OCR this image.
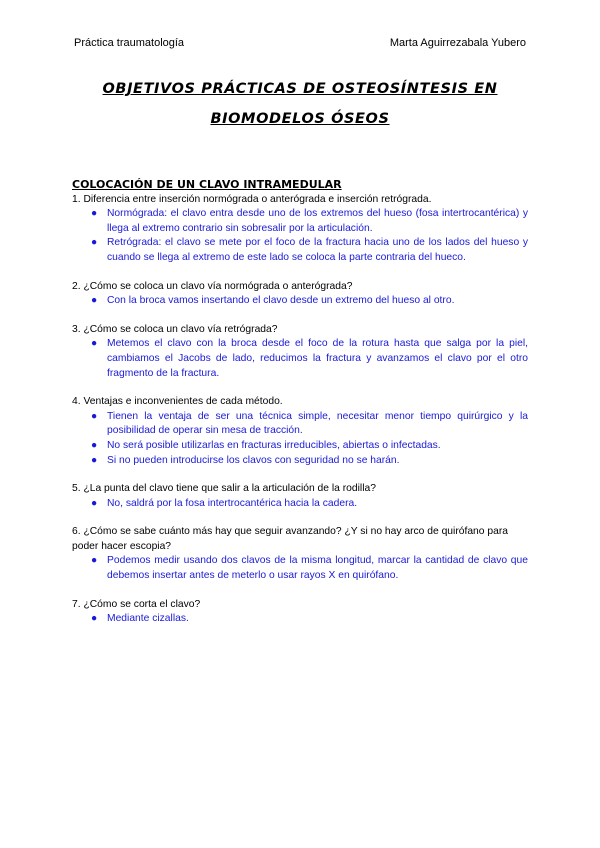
Práctica traumatología	Marta Aguirrezabala Yubero
OBJETIVOS PRÁCTICAS DE OSTEOSÍNTESIS EN
BIOMODELOS ÓSEOS

COLOCACIÓN DE UN CLAVO INTRAMEDULAR

1. Diferencia entre inserción normógrada o anterógrada e inserción retrógrada.

● Normógrada: el clavo entra desde uno de los extremos del hueso (fosa intertrocantérica) y llega al extremo contrario sin sobresalir por la articulación.
● Retrógrada: el clavo se mete por el foco de la fractura hacia uno de los lados del hueso y cuando se llega al extremo de este lado se coloca la parte contraria del hueco.

2. ¿Cómo se coloca un clavo vía normógrada o anterógrada?

● Con la broca vamos insertando el clavo desde un extremo del hueso al otro.

3. ¿Cómo se coloca un clavo vía retrógrada?

● Metemos el clavo con la broca desde el foco de la rotura hasta que salga por la piel, cambiamos el Jacobs de lado, reducimos la fractura y avanzamos el clavo por el otro fragmento de la fractura.

4. Ventajas e inconvenientes de cada método.

● Tienen la ventaja de ser una técnica simple, necesitar menor tiempo quirúrgico y la posibilidad de operar sin mesa de tracción.
● No será posible utilizarlas en fracturas irreducibles, abiertas o infectadas.
● Si no pueden introducirse los clavos con seguridad no se harán.

5. ¿La punta del clavo tiene que salir a la articulación de la rodilla?

● No, saldrá por la fosa intertrocantérica hacia la cadera.

6. ¿Cómo se sabe cuánto más hay que seguir avanzando? ¿Y si no hay arco de quirófano para poder hacer escopia?

● Podemos medir usando dos clavos de la misma longitud, marcar la cantidad de clavo que debemos insertar antes de meterlo o usar rayos X en quirófano.

7. ¿Cómo se corta el clavo?

● Mediante cizallas.
